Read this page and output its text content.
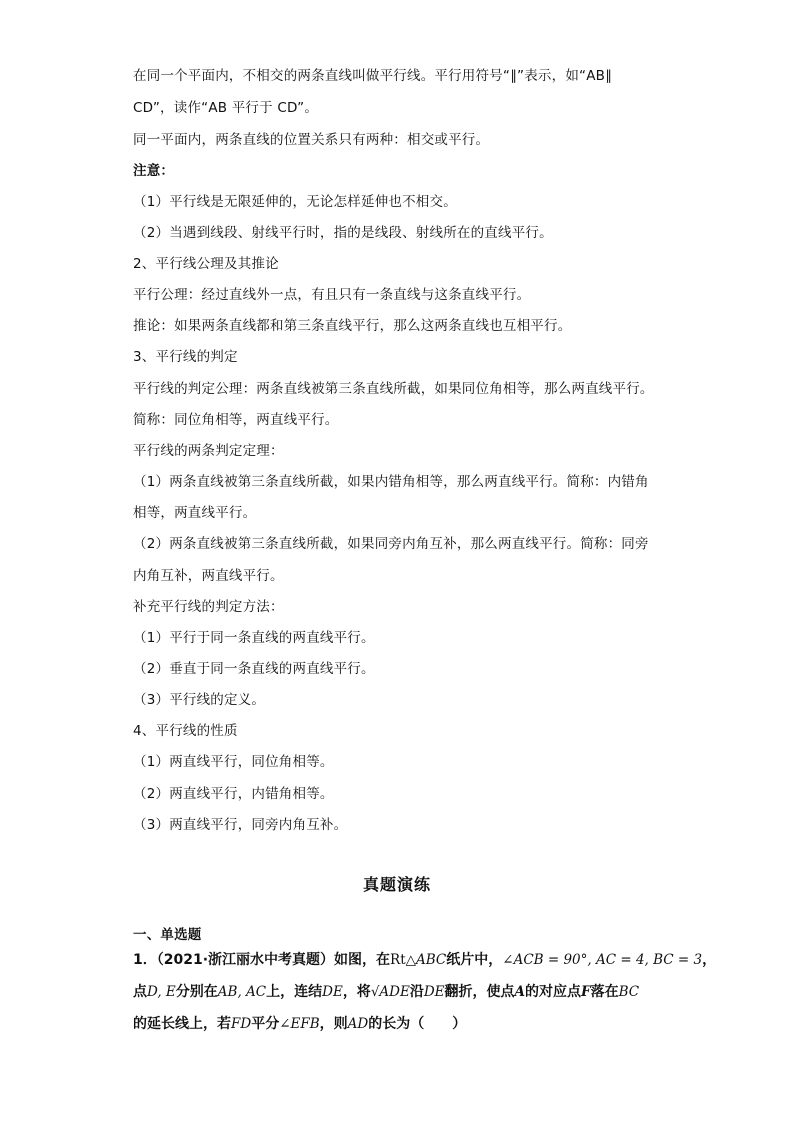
在同一个平面内，不相交的两条直线叫做平行线。平行用符号“∥”表示，如“AB∥
CD”，读作“AB 平行于 CD”。
同一平面内，两条直线的位置关系只有两种：相交或平行。
注意：
（1）平行线是无限延伸的，无论怎样延伸也不相交。
（2）当遇到线段、射线平行时，指的是线段、射线所在的直线平行。
2、平行线公理及其推论
平行公理：经过直线外一点，有且只有一条直线与这条直线平行。
推论：如果两条直线都和第三条直线平行，那么这两条直线也互相平行。
3、平行线的判定
平行线的判定公理：两条直线被第三条直线所截，如果同位角相等，那么两直线平行。
简称：同位角相等，两直线平行。
平行线的两条判定定理：
（1）两条直线被第三条直线所截，如果内错角相等，那么两直线平行。简称：内错角
相等，两直线平行。
（2）两条直线被第三条直线所截，如果同旁内角互补，那么两直线平行。简称：同旁
内角互补，两直线平行。
补充平行线的判定方法：
（1）平行于同一条直线的两直线平行。
（2）垂直于同一条直线的两直线平行。
（3）平行线的定义。
4、平行线的性质
（1）两直线平行，同位角相等。
（2）两直线平行，内错角相等。
（3）两直线平行，同旁内角互补。
真题演练
一、单选题
1．（2021·浙江丽水中考真题）如图，在Rt△ABC纸片中，∠ACB = 90°, AC = 4, BC = 3，
点D, E分别在AB, AC上，连结DE，将√ADE沿DE翻折，使点A的对应点F落在BC
的延长线上，若FD平分∠EFB，则AD的长为（　　）
